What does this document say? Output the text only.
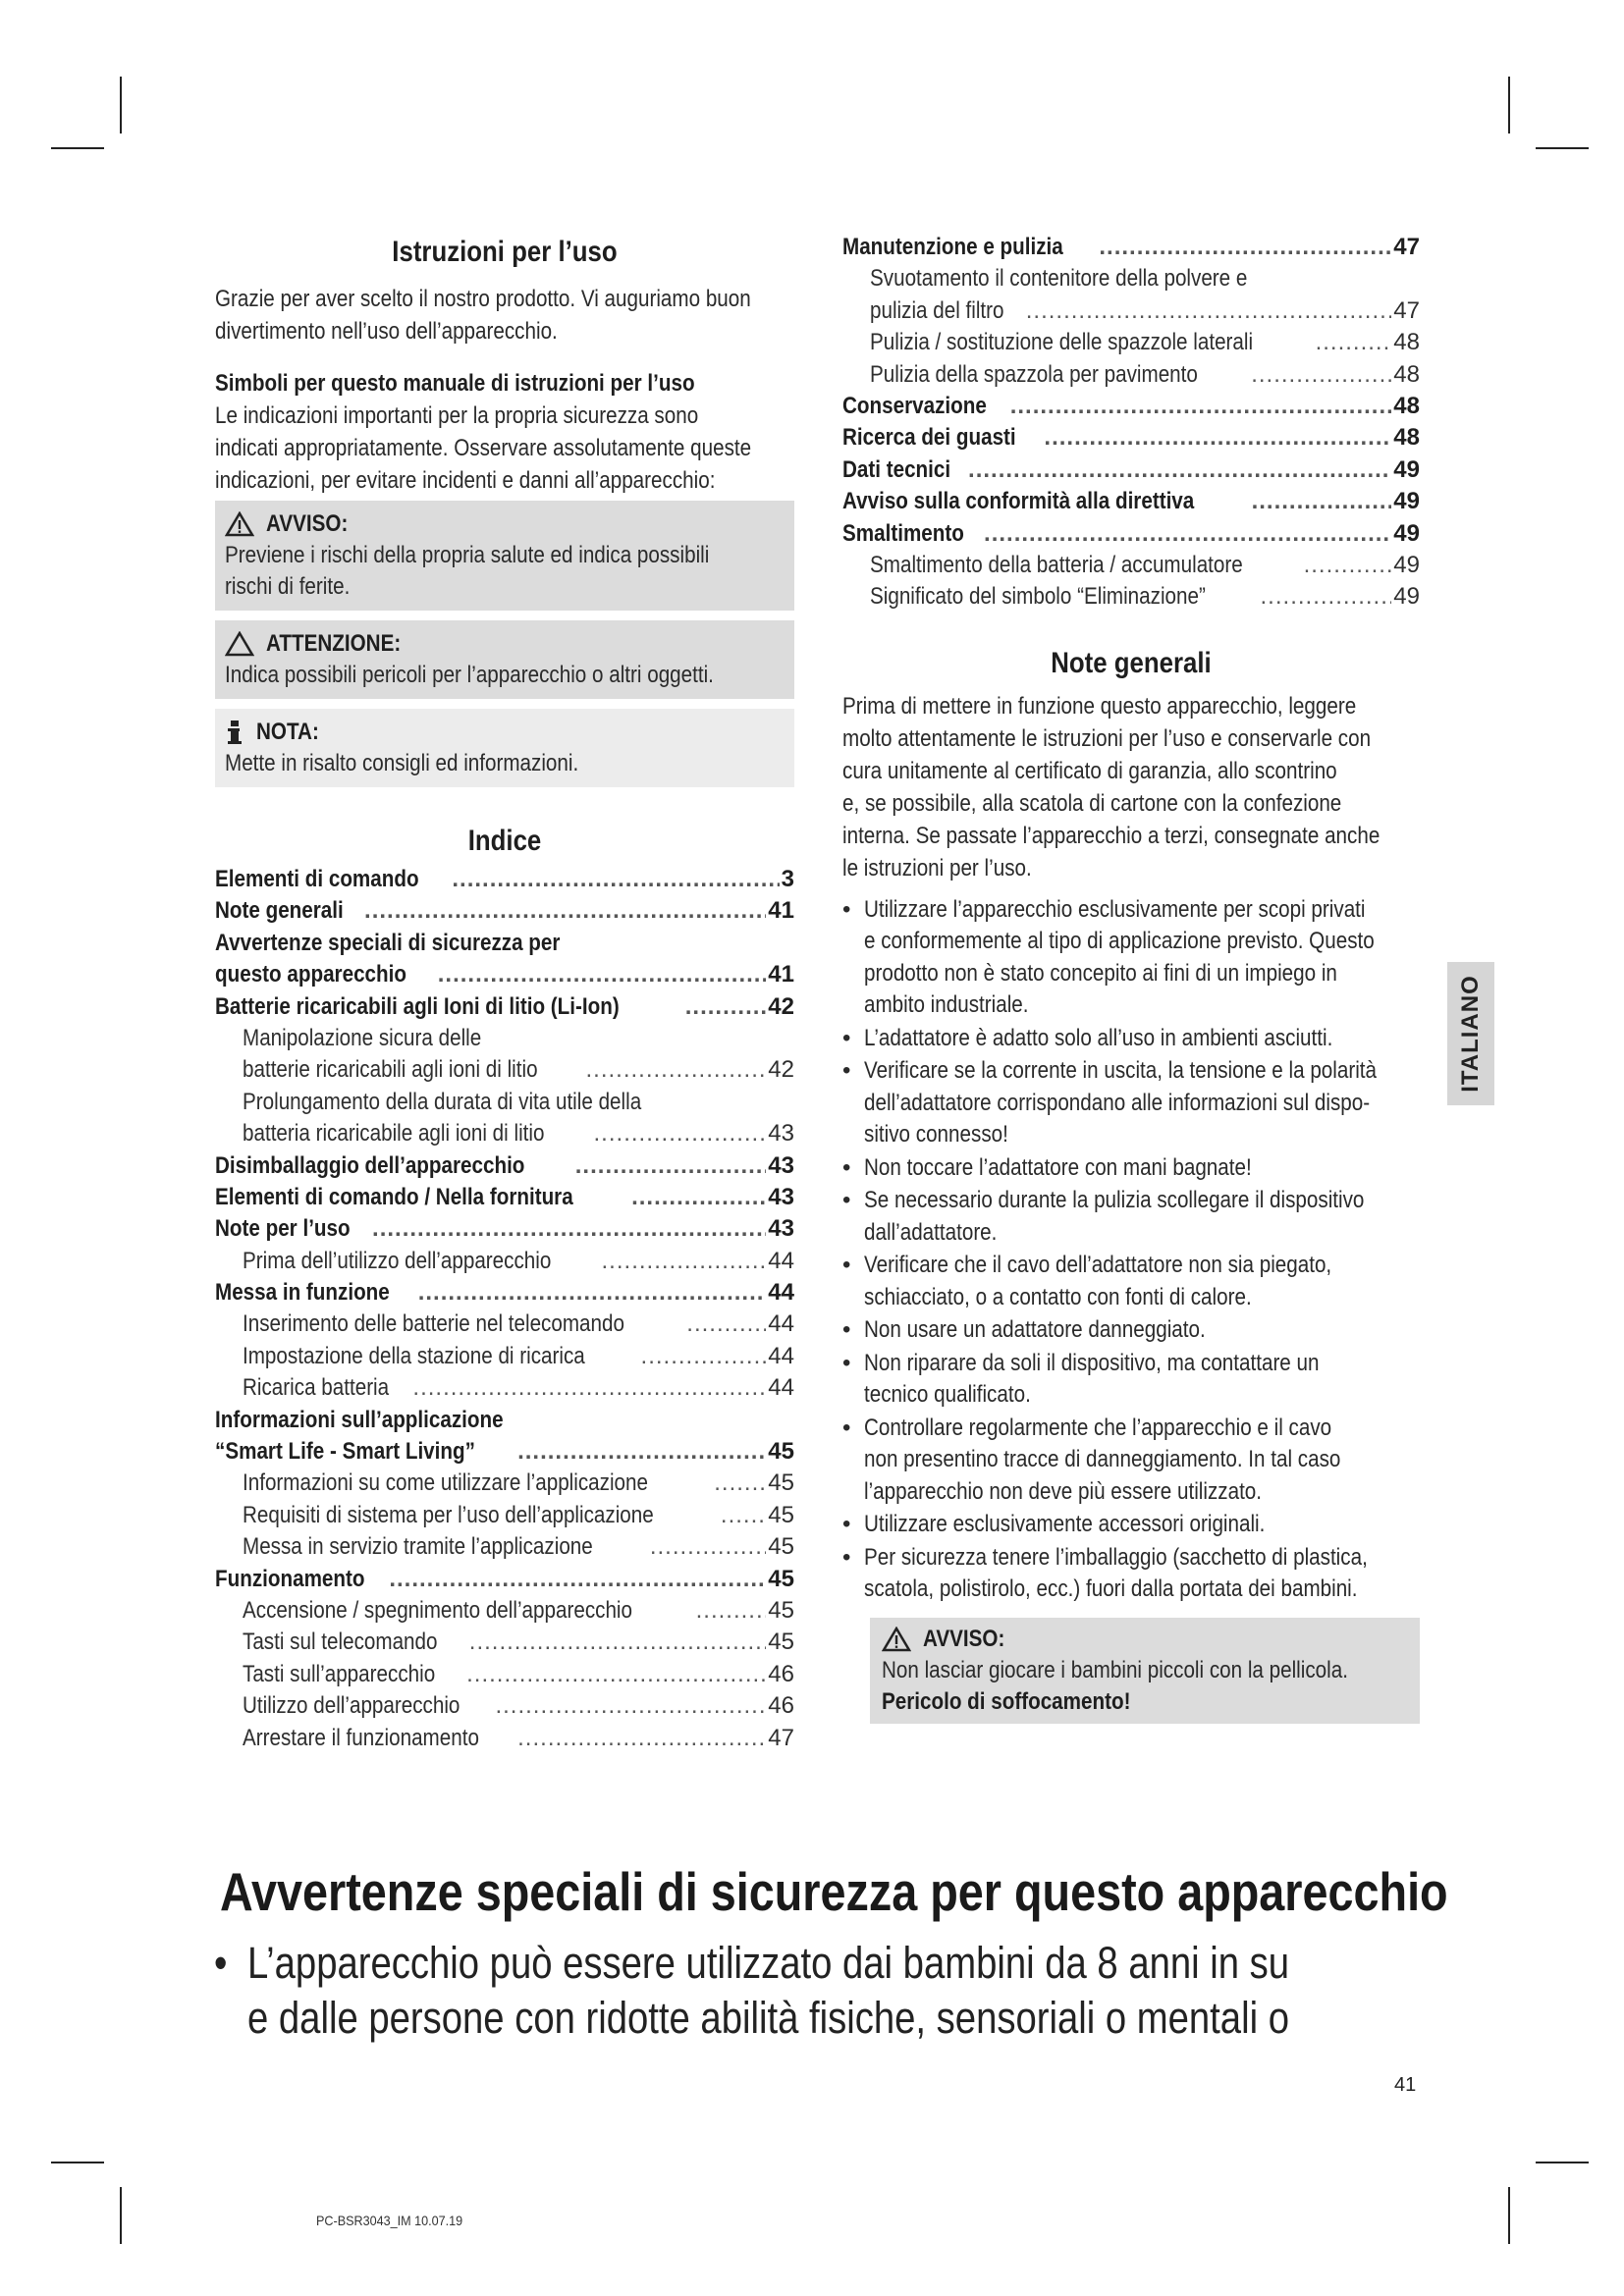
Istruzioni per l’uso
Grazie per aver scelto il nostro prodotto. Vi auguriamo buon
divertimento nell’uso dell’apparecchio.
Simboli per questo manuale di istruzioni per l’uso
Le indicazioni importanti per la propria sicurezza sono
indicati appropriatamente. Osservare assolutamente queste
indicazioni, per evitare incidenti e danni all’apparecchio:
AVVISO:
Previene i rischi della propria salute ed indica possibili
rischi di ferite.
ATTENZIONE:
Indica possibili pericoli per l’apparecchio o altri oggetti.
NOTA:
Mette in risalto consigli ed informazioni.
Indice
Elementi di comando .....	3
Note generali .....	41
Avvertenze speciali di sicurezza per
questo apparecchio .....	41
Batterie ricaricabili agli Ioni di litio (Li-Ion) .....	42
Manipolazione sicura delle
batterie ricaricabili agli ioni di litio .....	42
Prolungamento della durata di vita utile della
batteria ricaricabile agli ioni di litio .....	43
Disimballaggio dell’apparecchio .....	43
Elementi di comando / Nella fornitura .....	43
Note per l’uso .....	43
Prima dell’utilizzo dell’apparecchio .....	44
Messa in funzione .....	44
Inserimento delle batterie nel telecomando .....	44
Impostazione della stazione di ricarica .....	44
Ricarica batteria .....	44
Informazioni sull’applicazione
“Smart Life - Smart Living” .....	45
Informazioni su come utilizzare l’applicazione .....	45
Requisiti di sistema per l’uso dell’applicazione .....	45
Messa in servizio tramite l’applicazione .....	45
Funzionamento .....	45
Accensione / spegnimento dell’apparecchio .....	45
Tasti sul telecomando .....	45
Tasti sull’apparecchio .....	46
Utilizzo dell’apparecchio .....	46
Arrestare il funzionamento .....	47
Manutenzione e pulizia .....	47
Svuotamento il contenitore della polvere e
pulizia del filtro .....	47
Pulizia / sostituzione delle spazzole laterali .....	48
Pulizia della spazzola per pavimento .....	48
Conservazione .....	48
Ricerca dei guasti .....	48
Dati tecnici .....	49
Avviso sulla conformità alla direttiva .....	49
Smaltimento .....	49
Smaltimento della batteria / accumulatore .....	49
Significato del simbolo “Eliminazione” .....	49
Note generali
Prima di mettere in funzione questo apparecchio, leggere
molto attentamente le istruzioni per l’uso e conservarle con
cura unitamente al certificato di garanzia, allo scontrino
e, se possibile, alla scatola di cartone con la confezione
interna. Se passate l’apparecchio a terzi, consegnate anche
le istruzioni per l’uso.
• Utilizzare l’apparecchio esclusivamente per scopi privati
e conformemente al tipo di applicazione previsto. Questo
prodotto non è stato concepito ai fini di un impiego in
ambito industriale.
• L’adattatore è adatto solo all’uso in ambienti asciutti.
• Verificare se la corrente in uscita, la tensione e la polarità
dell’adattatore corrispondano alle informazioni sul dispo-
sitivo connesso!
• Non toccare l’adattatore con mani bagnate!
• Se necessario durante la pulizia scollegare il dispositivo
dall’adattatore.
• Verificare che il cavo dell’adattatore non sia piegato,
schiacciato, o a contatto con fonti di calore.
• Non usare un adattatore danneggiato.
• Non riparare da soli il dispositivo, ma contattare un
tecnico qualificato.
• Controllare regolarmente che l’apparecchio e il cavo
non presentino tracce di danneggiamento. In tal caso
l’apparecchio non deve più essere utilizzato.
• Utilizzare esclusivamente accessori originali.
• Per sicurezza tenere l’imballaggio (sacchetto di plastica,
scatola, polistirolo, ecc.) fuori dalla portata dei bambini.
AVVISO:
Non lasciar giocare i bambini piccoli con la pellicola.
Pericolo di soffocamento!
ITALIANO
Avvertenze speciali di sicurezza per questo apparecchio
• L’apparecchio può essere utilizzato dai bambini da 8 anni in su
e dalle persone con ridotte abilità fisiche, sensoriali o mentali o
41
PC-BSR3043_IM 10.07.19
